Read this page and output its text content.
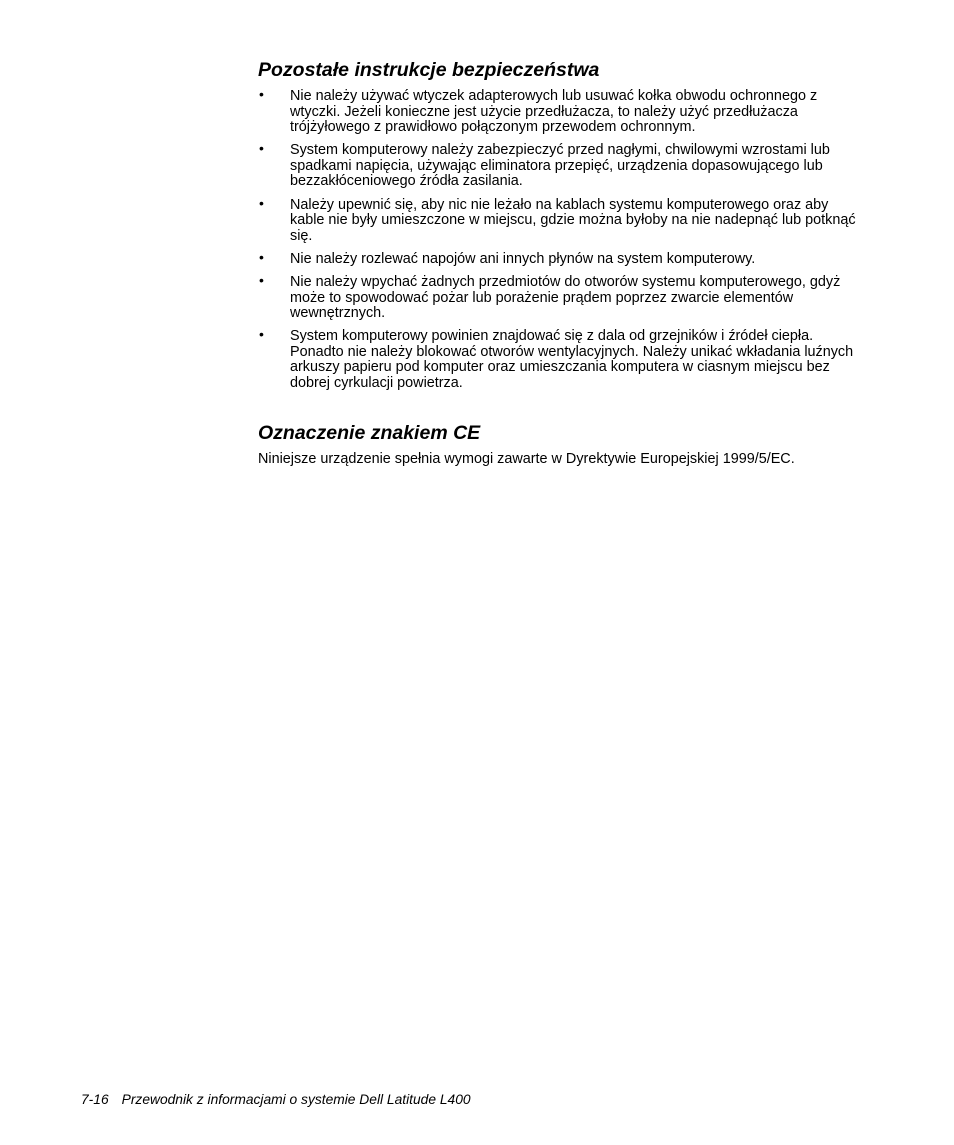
Pozostałe instrukcje bezpieczeństwa
• Nie należy używać wtyczek adapterowych lub usuwać kołka obwodu ochronnego z wtyczki. Jeżeli konieczne jest użycie przedłużacza, to należy użyć przedłużacza trójżyłowego z prawidłowo połączonym przewodem ochronnym.
• System komputerowy należy zabezpieczyć przed nagłymi, chwilowymi wzrostami lub spadkami napięcia, używając eliminatora przepięć, urządzenia dopasowującego lub bezzakłóceniowego źródła zasilania.
• Należy upewnić się, aby nic nie leżało na kablach systemu komputerowego oraz aby kable nie były umieszczone w miejscu, gdzie można byłoby na nie nadepnąć lub potknąć się.
• Nie należy rozlewać napojów ani innych płynów na system komputerowy.
• Nie należy wpychać żadnych przedmiotów do otworów systemu komputerowego, gdyż może to spowodować pożar lub porażenie prądem poprzez zwarcie elementów wewnętrznych.
• System komputerowy powinien znajdować się z dala od grzejników i źródeł ciepła. Ponadto nie należy blokować otworów wentylacyjnych. Należy unikać wkładania luźnych arkuszy papieru pod komputer oraz umieszczania komputera w ciasnym miejscu bez dobrej cyrkulacji powietrza.
Oznaczenie znakiem CE

Niniejsze urządzenie spełnia wymogi zawarte w Dyrektywie Europejskiej 1999/5/EC.

7-16 Przewodnik z informacjami o systemie Dell Latitude L400
